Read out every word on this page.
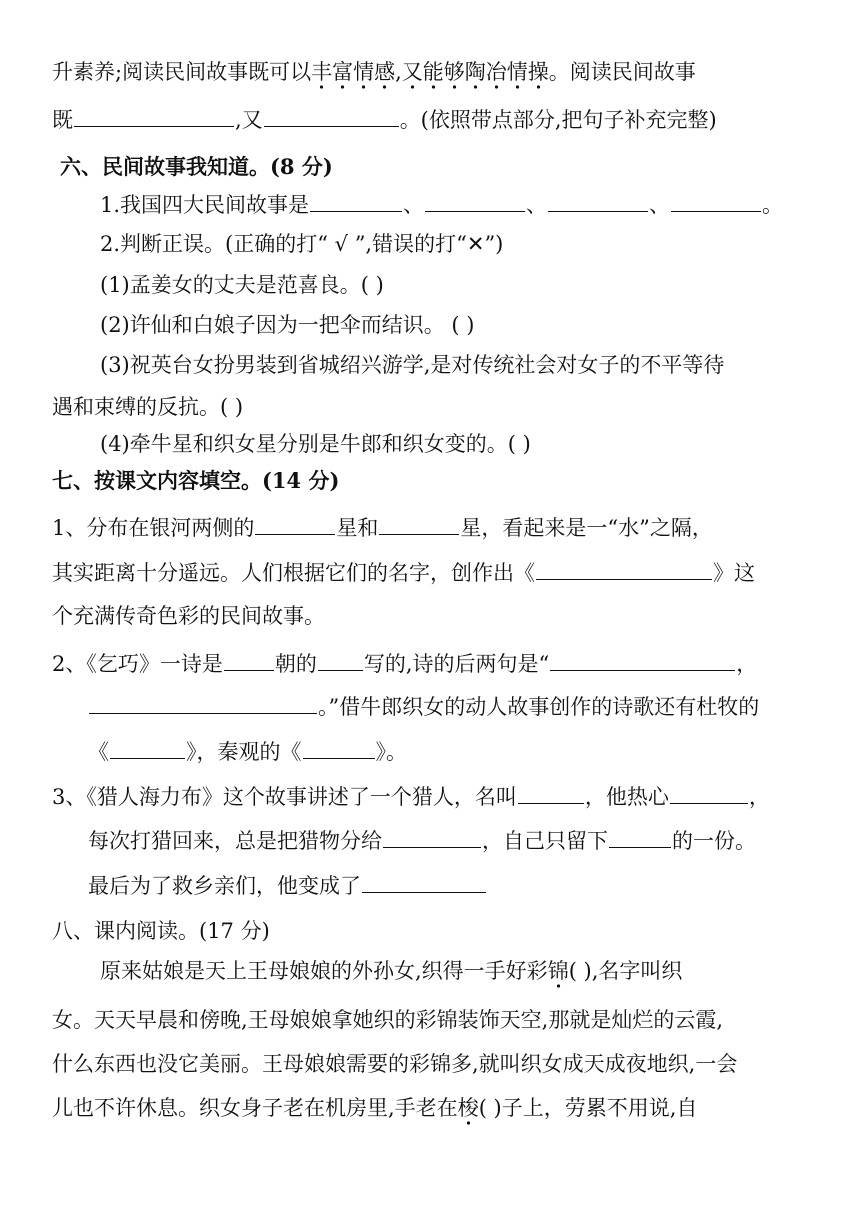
升素养;阅读民间故事既可以丰富情感,又能够陶冶情操。阅读民间故事
既	,又	。(依照带点部分,把句子补充完整)
六、民间故事我知道。(8 分)
1.我国四大民间故事是	、	、	、	。
2.判断正误。(正确的打“ √ ”,错误的打“✕”)
(1)孟姜女的丈夫是范喜良。( )
(2)许仙和白娘子因为一把伞而结识。 ( )
(3)祝英台女扮男装到省城绍兴游学,是对传统社会对女子的不平等待
遇和束缚的反抗。( )
(4)牵牛星和织女星分别是牛郎和织女变的。( )
七、按课文内容填空。(14 分)
1、分布在银河两侧的	星和	星，看起来是一“水”之隔，
其实距离十分遥远。人们根据它们的名字，创作出《	》这
个充满传奇色彩的民间故事。
2、《乞巧》一诗是 朝的 写的,诗的后两句是“	，
。”借牛郎织女的动人故事创作的诗歌还有杜牧的
《	》，秦观的《	》。
3、《猎人海力布》这个故事讲述了一个猎人，名叫	，他热心	，
每次打猎回来，总是把猎物分给	，自己只留下	的一份。
最后为了救乡亲们，他变成了
八、课内阅读。(17 分)
原来姑娘是天上王母娘娘的外孙女,织得一手好彩锦( ),名字叫织
女。天天早晨和傍晚,王母娘娘拿她织的彩锦装饰天空,那就是灿烂的云霞,
什么东西也没它美丽。王母娘娘需要的彩锦多,就叫织女成天成夜地织,一会
儿也不许休息。织女身子老在机房里,手老在梭( )子上，劳累不用说,自
